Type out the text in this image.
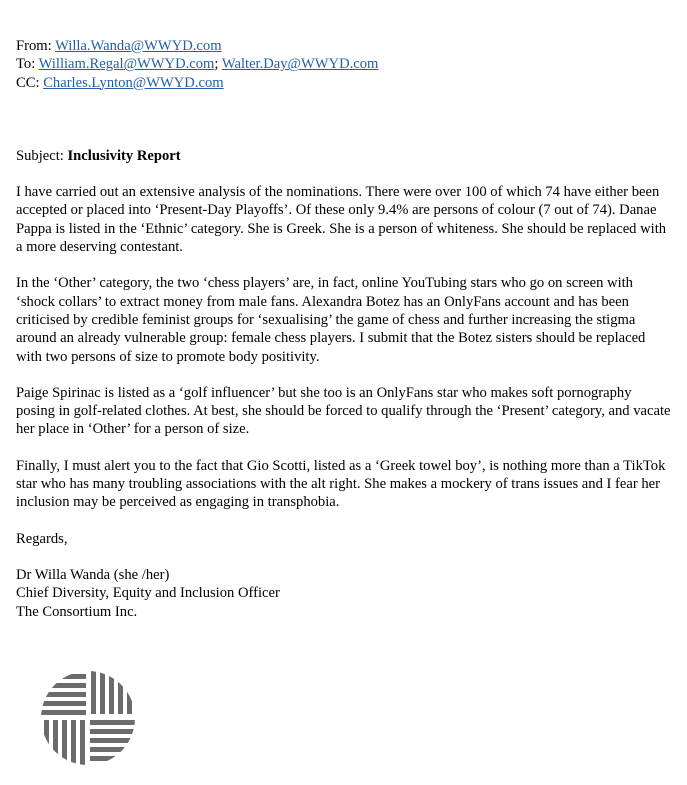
From: Willa.Wanda@WWYD.com
To: William.Regal@WWYD.com; Walter.Day@WWYD.com
CC: Charles.Lynton@WWYD.com

Subject: Inclusivity Report

I have carried out an extensive analysis of the nominations. There were over 100 of which 74 have either been accepted or placed into ‘Present-Day Playoffs’. Of these only 9.4% are persons of colour (7 out of 74). Danae Pappa is listed in the ‘Ethnic’ category. She is Greek. She is a person of whiteness. She should be replaced with a more deserving contestant.

In the ‘Other’ category, the two ‘chess players’ are, in fact, online YouTubing stars who go on screen with ‘shock collars’ to extract money from male fans. Alexandra Botez has an OnlyFans account and has been criticised by credible feminist groups for ‘sexualising’ the game of chess and further increasing the stigma around an already vulnerable group: female chess players. I submit that the Botez sisters should be replaced with two persons of size to promote body positivity.

Paige Spirinac is listed as a ‘golf influencer’ but she too is an OnlyFans star who makes soft pornography posing in golf-related clothes. At best, she should be forced to qualify through the ‘Present’ category, and vacate her place in ‘Other’ for a person of size.

Finally, I must alert you to the fact that Gio Scotti, listed as a ‘Greek towel boy’, is nothing more than a TikTok star who has many troubling associations with the alt right. She makes a mockery of trans issues and I fear her inclusion may be perceived as engaging in transphobia.

Regards,

Dr Willa Wanda (she /her)
Chief Diversity, Equity and Inclusion Officer
The Consortium Inc.
